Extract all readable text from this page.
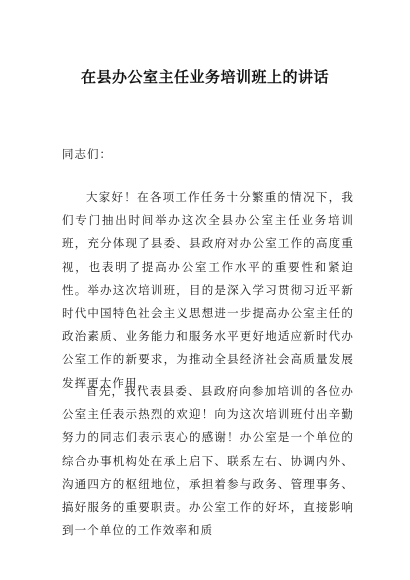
在县办公室主任业务培训班上的讲话
同志们：

大家好！在各项工作任务十分繁重的情况下，我们专门抽出时间举办这次全县办公室主任业务培训班，充分体现了县委、县政府对办公室工作的高度重视，也表明了提高办公室工作水平的重要性和紧迫性。举办这次培训班，目的是深入学习贯彻习近平新时代中国特色社会主义思想进一步提高办公室主任的政治素质、业务能力和服务水平更好地适应新时代办公室工作的新要求，为推动全县经济社会高质量发展发挥更大作用。

首先，我代表县委、县政府向参加培训的各位办公室主任表示热烈的欢迎！向为这次培训班付出辛勤努力的同志们表示衷心的感谢！办公室是一个单位的综合办事机构处在承上启下、联系左右、协调内外、沟通四方的枢纽地位，承担着参与政务、管理事务、搞好服务的重要职责。办公室工作的好坏，直接影响到一个单位的工作效率和质
